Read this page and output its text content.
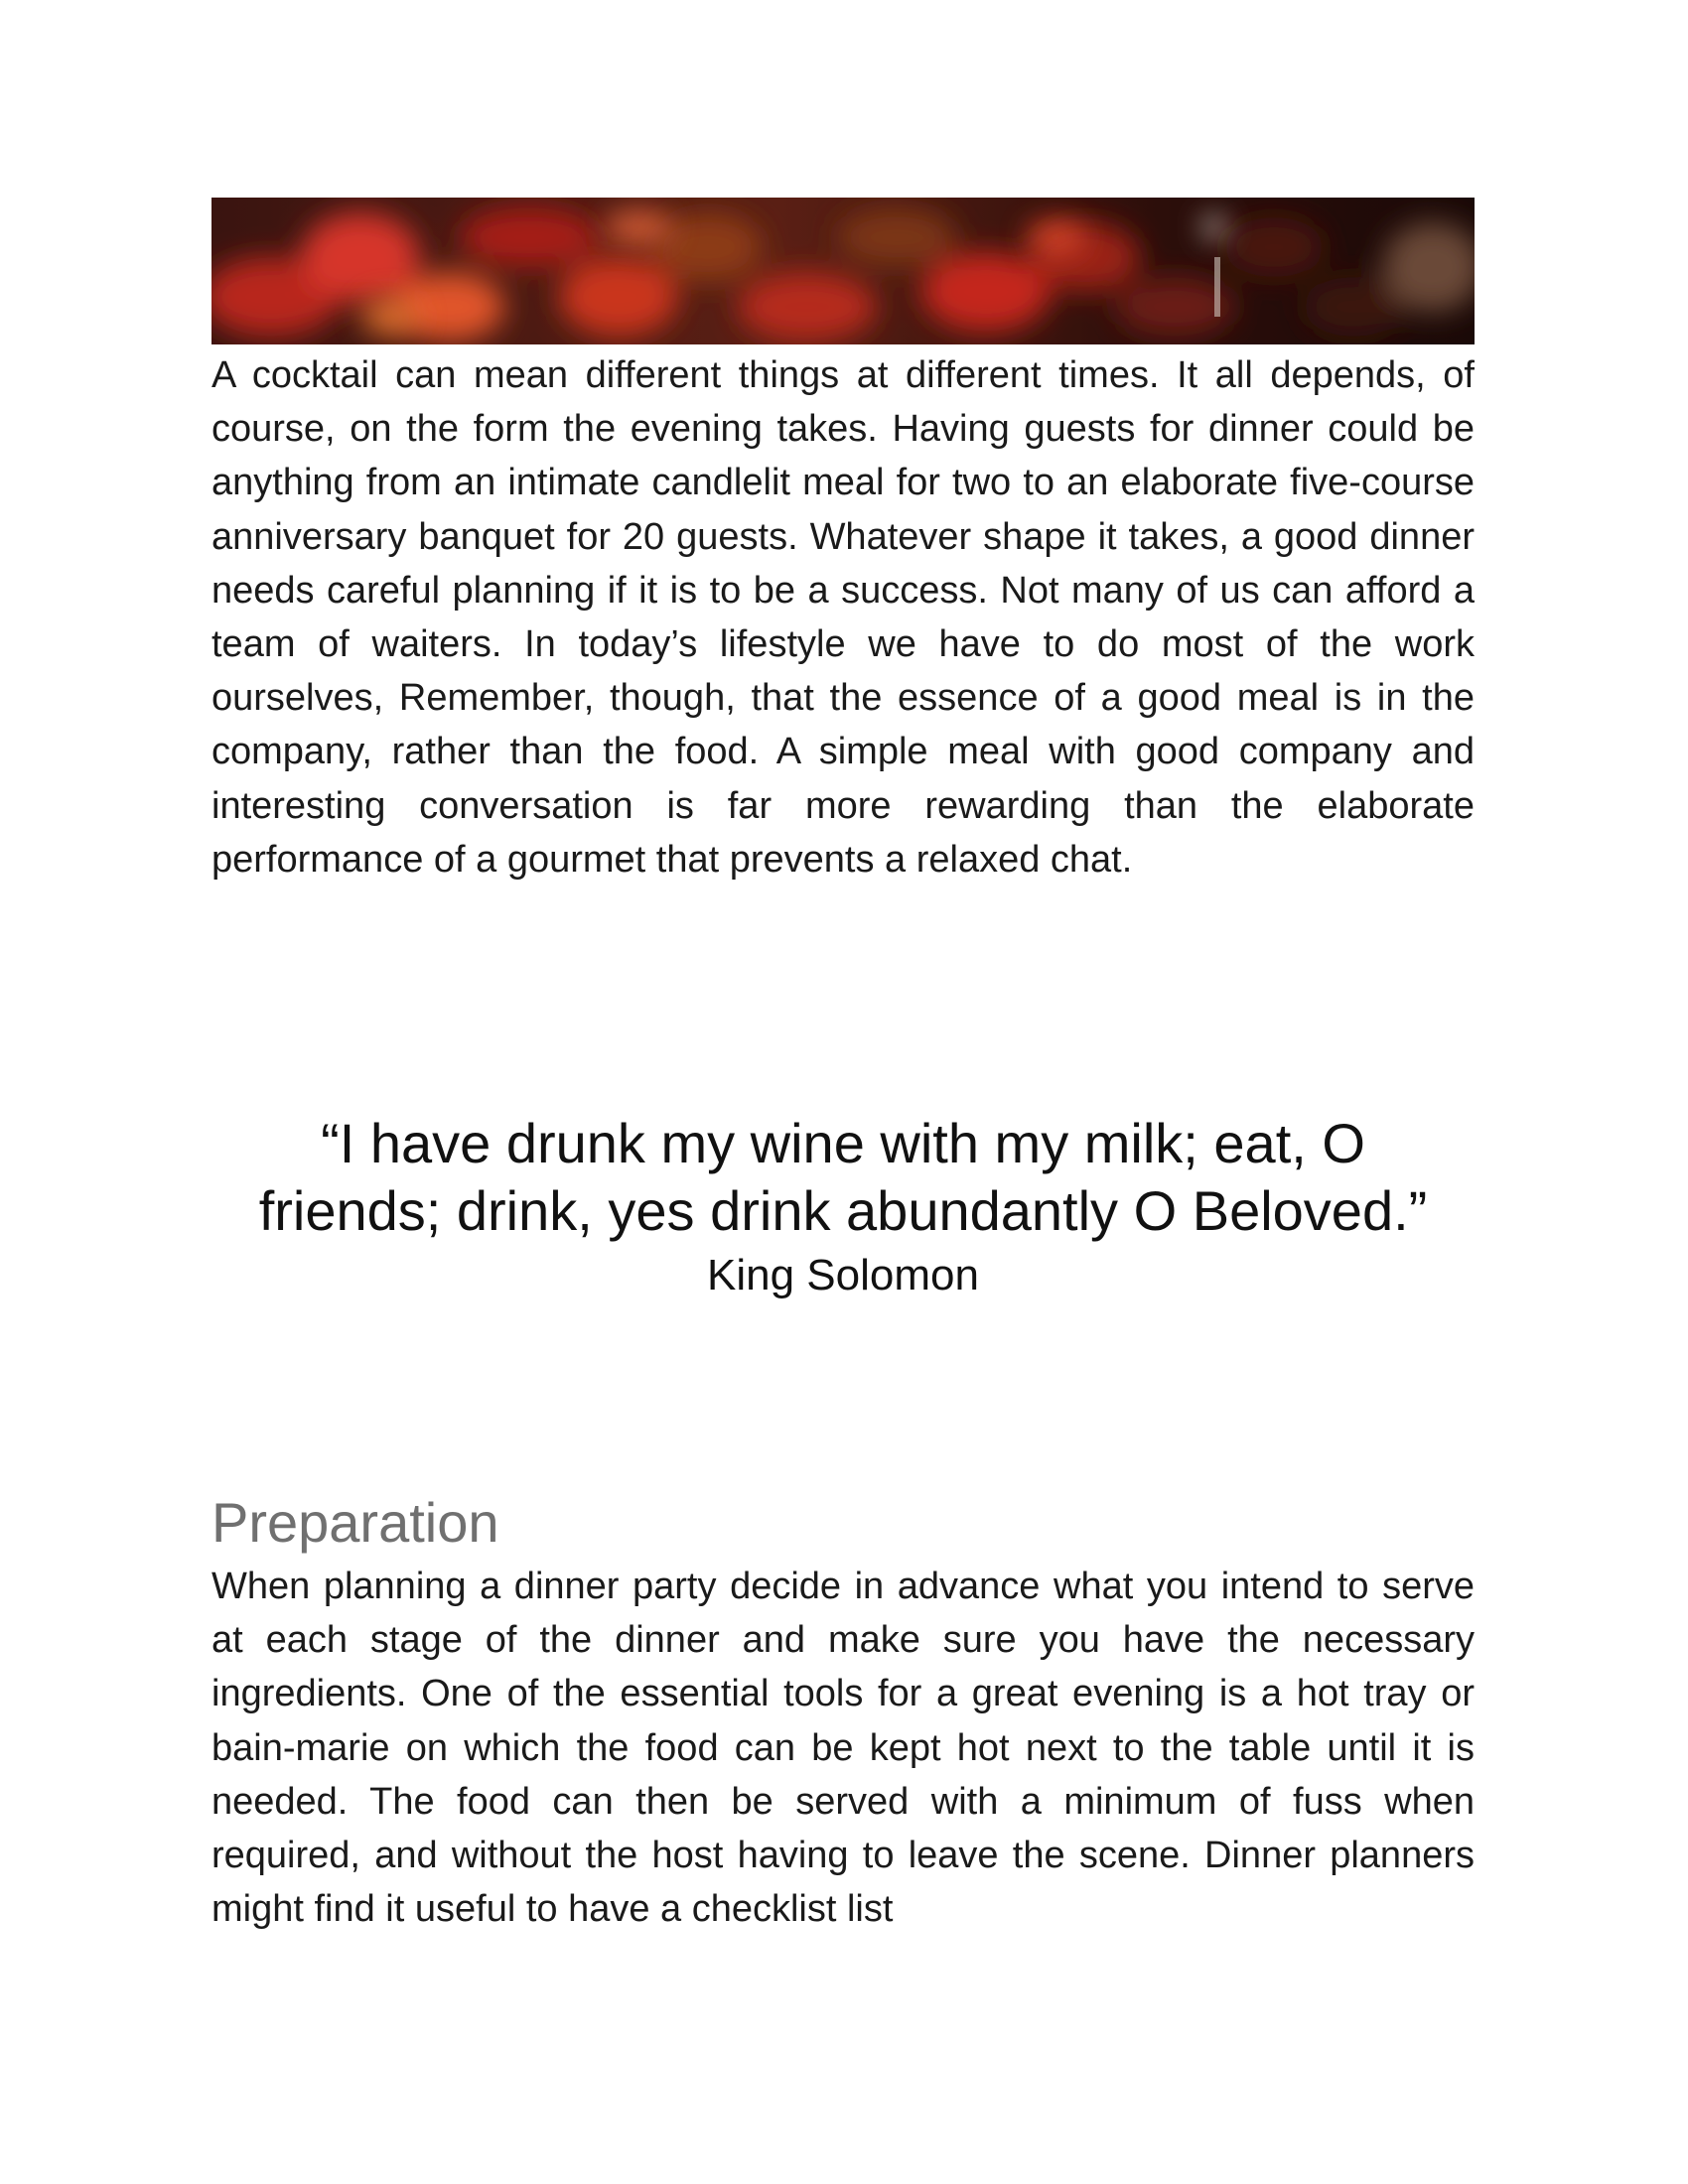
A cocktail can mean different things at different times. It all depends, of course, on the form the evening takes. Having guests for dinner could be anything from an intimate candlelit meal for two to an elaborate five-course anniversary banquet for 20 guests. Whatever shape it takes, a good dinner needs careful planning if it is to be a success. Not many of us can afford a team of waiters. In today’s lifestyle we have to do most of the work ourselves, Remember, though, that the essence of a good meal is in the company, rather than the food. A simple meal with good company and interesting conversation is far more rewarding than the elaborate performance of a gourmet that prevents a relaxed chat.

“I have drunk my wine with my milk; eat, O
friends; drink, yes drink abundantly O Beloved.”

King Solomon

Preparation

When planning a dinner party decide in advance what you intend to serve at each stage of the dinner and make sure you have the necessary ingredients. One of the essential tools for a great evening is a hot tray or bain-marie on which the food can be kept hot next to the table until it is needed. The food can then be served with a minimum of fuss when required, and without the host having to leave the scene. Dinner planners might find it useful to have a checklist list
